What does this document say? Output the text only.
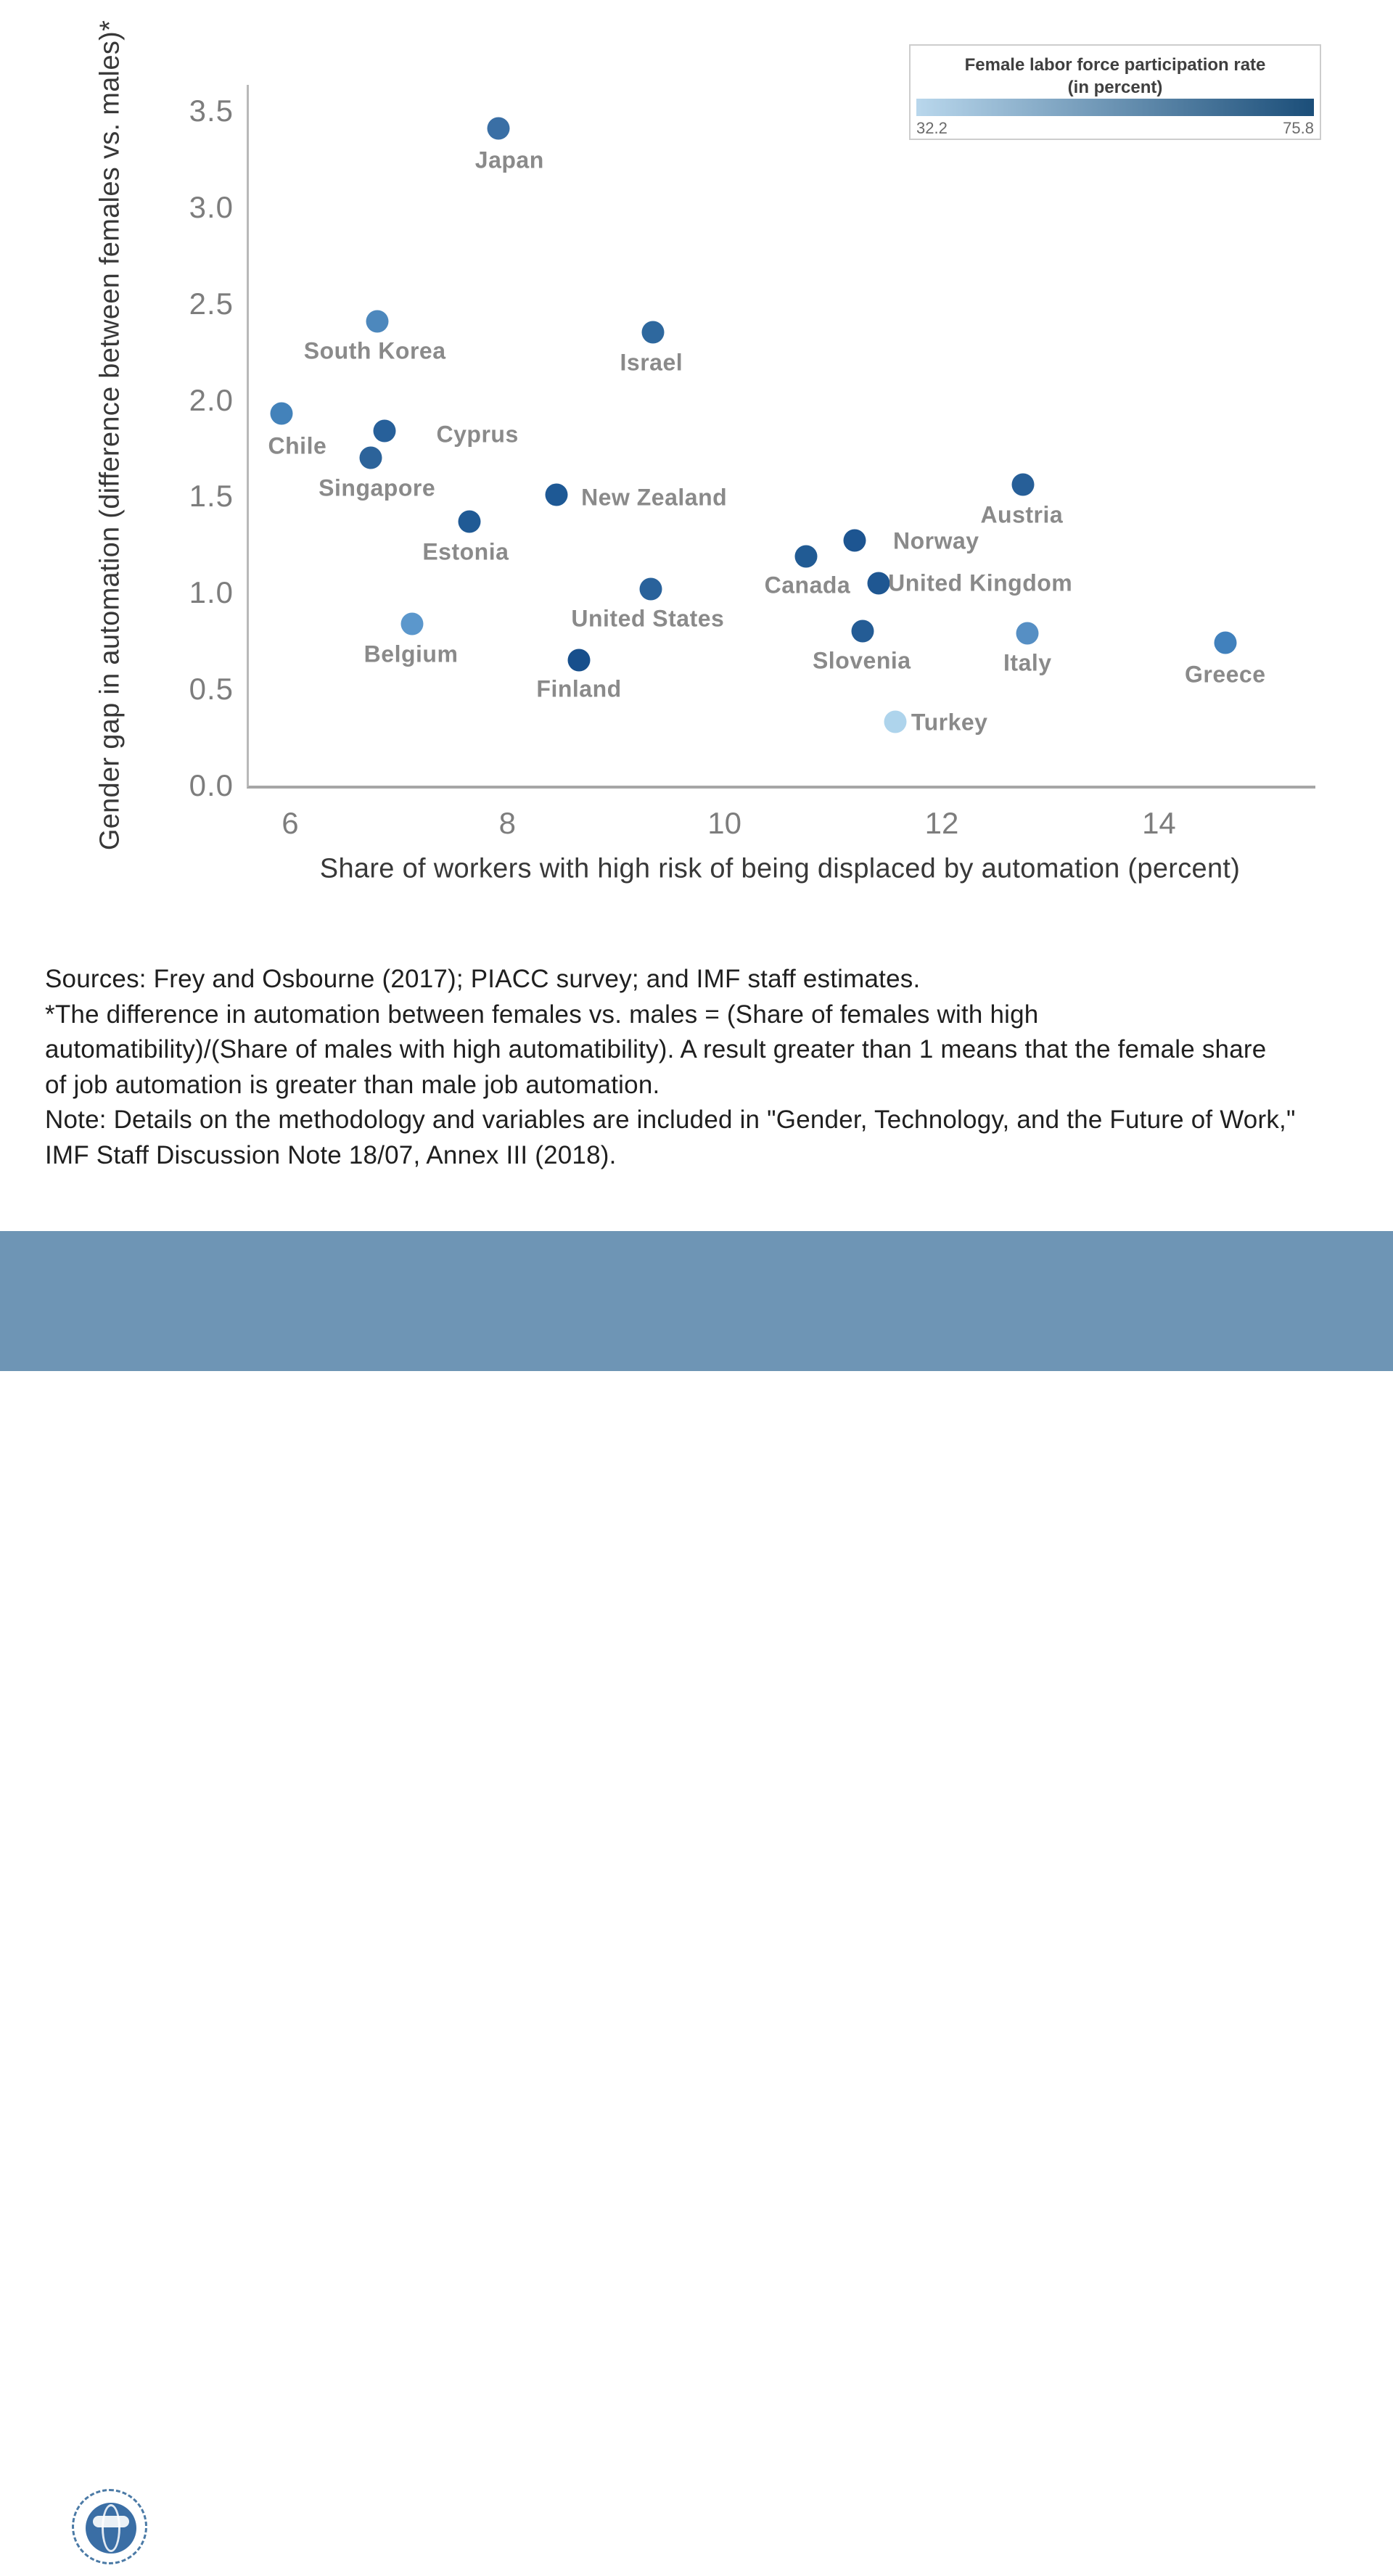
Gender gap in automation (difference between females vs. males)*
Share of workers with high risk of being displaced by automation (percent)
Female labor force participation rate
(in percent)
32.2	75.8
Sources: Frey and Osbourne (2017); PIACC survey; and IMF staff estimates.
*The difference in automation between females vs. males = (Share of females with high
automatibility)/(Share of males with high automatibility). A result greater than 1 means that the female share
of job automation is greater than male job automation.
Note: Details on the methodology and variables are included in "Gender, Technology, and the Future of Work,"
IMF Staff Discussion Note 18/07, Annex III (2018).
INTERNATIONAL
MONETARY FUND
6	8	10	12	14
0.0
0.5
1.0
1.5
2.0
2.5
3.0
3.5
Japan
South Korea	Israel
Chile	Cyprus
Singapore
Austria
New Zealand
Estonia	Norway
Canada United Kingdom
United States
Belgium	Slovenia	Italy	Greece
Finland
Turkey
